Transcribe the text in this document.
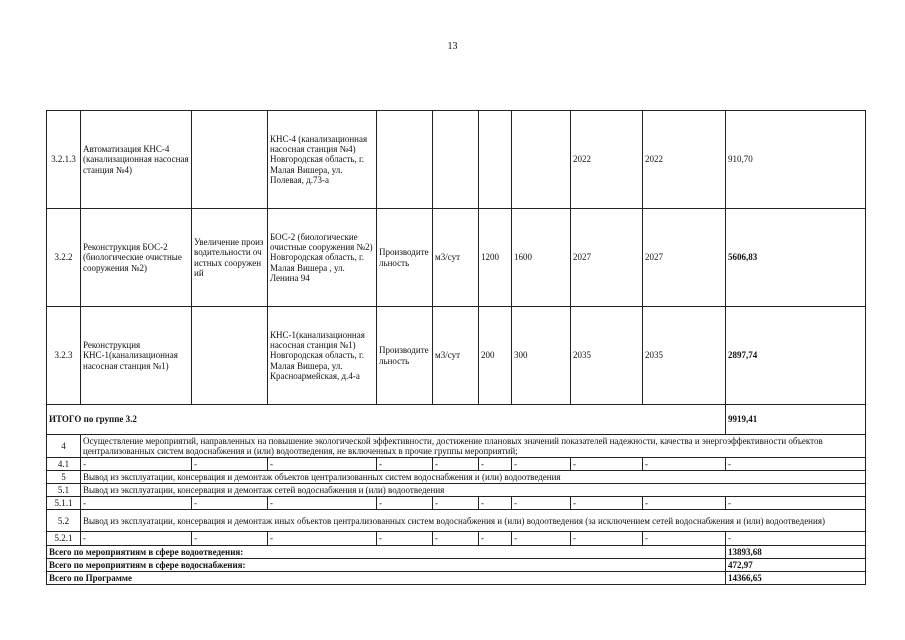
13
3.2.1.3	Автоматизация КНС-4 (канализационная насосная станция №4)		КНС-4 (канализационная насосная станция №4) Новгородская область, г. Малая Вишера, ул. Полевая, д.73-а					2022	2022	910,70
3.2.2	Реконструкция БОС-2 (биологические очистные сооружения №2)	Увеличение производительности очистных сооружений	БОС-2 (биологические очистные сооружения №2) Новгородская область, г. Малая Вишера , ул. Ленина 94	Производительность	м3/сут	1200	1600	2027	2027	5606,83
3.2.3	Реконструкция КНС-1(канализационная насосная станция №1)		КНС-1(канализационная насосная станция №1) Новгородская область, г. Малая Вишера, ул. Красноармейская, д.4-а	Производительность	м3/сут	200	300	2035	2035	2897,74
ИТОГО по группе 3.2										9919,41
4	Осуществление мероприятий, направленных на повышение экологической эффективности, достижение плановых значений показателей надежности, качества и энергоэффективности объектов централизованных систем водоснабжения и (или) водоотведения, не включенных в прочие группы мероприятий;									
4.1	-	-	-	-	-	-	-	-	-	-
5	Вывод из эксплуатации, консервация и демонтаж объектов централизованных систем водоснабжения и (или) водоотведения									
5.1	Вывод из эксплуатации, консервация и демонтаж сетей водоснабжения и (или) водоотведения									
5.1.1	-	-	-	-	-	-	-	-	-	-
5.2	Вывод из эксплуатации, консервация и демонтаж иных объектов централизованных систем водоснабжения и (или) водоотведения (за исключением сетей водоснабжения и (или) водоотведения)									
5.2.1	-	-	-	-	-	-	-	-	-	-
Всего по мероприятиям в сфере водоотведения:										13893,68
Всего по мероприятиям в сфере водоснабжения:										472,97
Всего по Программе										14366,65
